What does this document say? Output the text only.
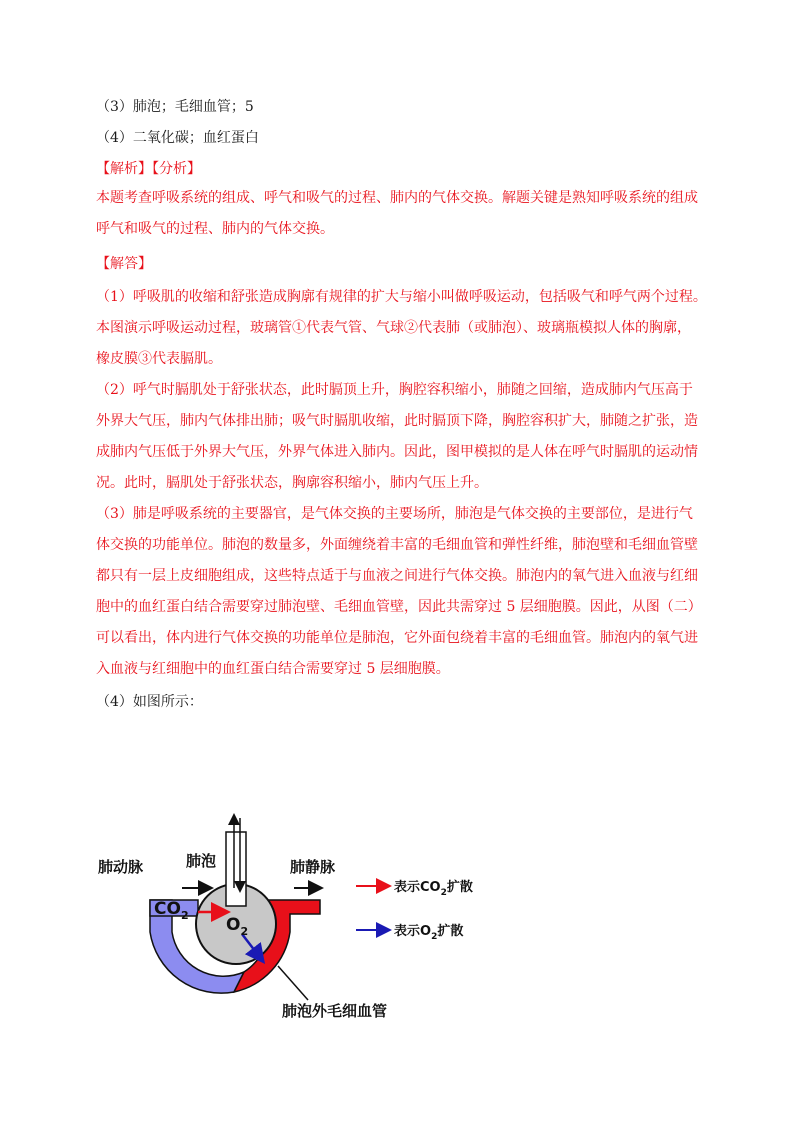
（3）肺泡；毛细血管；5
（4）二氧化碳；血红蛋白
【解析】【分析】
本题考查呼吸系统的组成、呼气和吸气的过程、肺内的气体交换。解题关键是熟知呼吸系统的组成
呼气和吸气的过程、肺内的气体交换。
【解答】
（1）呼吸肌的收缩和舒张造成胸廓有规律的扩大与缩小叫做呼吸运动，包括吸气和呼气两个过程。
本图演示呼吸运动过程，玻璃管①代表气管、气球②代表肺（或肺泡）、玻璃瓶模拟人体的胸廓，
橡皮膜③代表膈肌。
（2）呼气时膈肌处于舒张状态，此时膈顶上升，胸腔容积缩小，肺随之回缩，造成肺内气压高于
外界大气压，肺内气体排出肺；吸气时膈肌收缩，此时膈顶下降，胸腔容积扩大，肺随之扩张，造
成肺内气压低于外界大气压，外界气体进入肺内。因此，图甲模拟的是人体在呼气时膈肌的运动情
况。此时，膈肌处于舒张状态，胸廓容积缩小，肺内气压上升。
（3）肺是呼吸系统的主要器官，是气体交换的主要场所，肺泡是气体交换的主要部位，是进行气
体交换的功能单位。肺泡的数量多，外面缠绕着丰富的毛细血管和弹性纤维，肺泡壁和毛细血管壁
都只有一层上皮细胞组成，这些特点适于与血液之间进行气体交换。肺泡内的氧气进入血液与红细
胞中的血红蛋白结合需要穿过肺泡壁、毛细血管壁，因此共需穿过 5 层细胞膜。因此，从图（二）
可以看出，体内进行气体交换的功能单位是肺泡，它外面包绕着丰富的毛细血管。肺泡内的氧气进
入血液与红细胞中的血红蛋白结合需要穿过 5 层细胞膜。
（4）如图所示：
肺动脉	肺泡	肺静脉
$CO_2$ $O_2$
肺泡外毛细血管
表示$CO_2$扩散
表示$O_2$扩散
